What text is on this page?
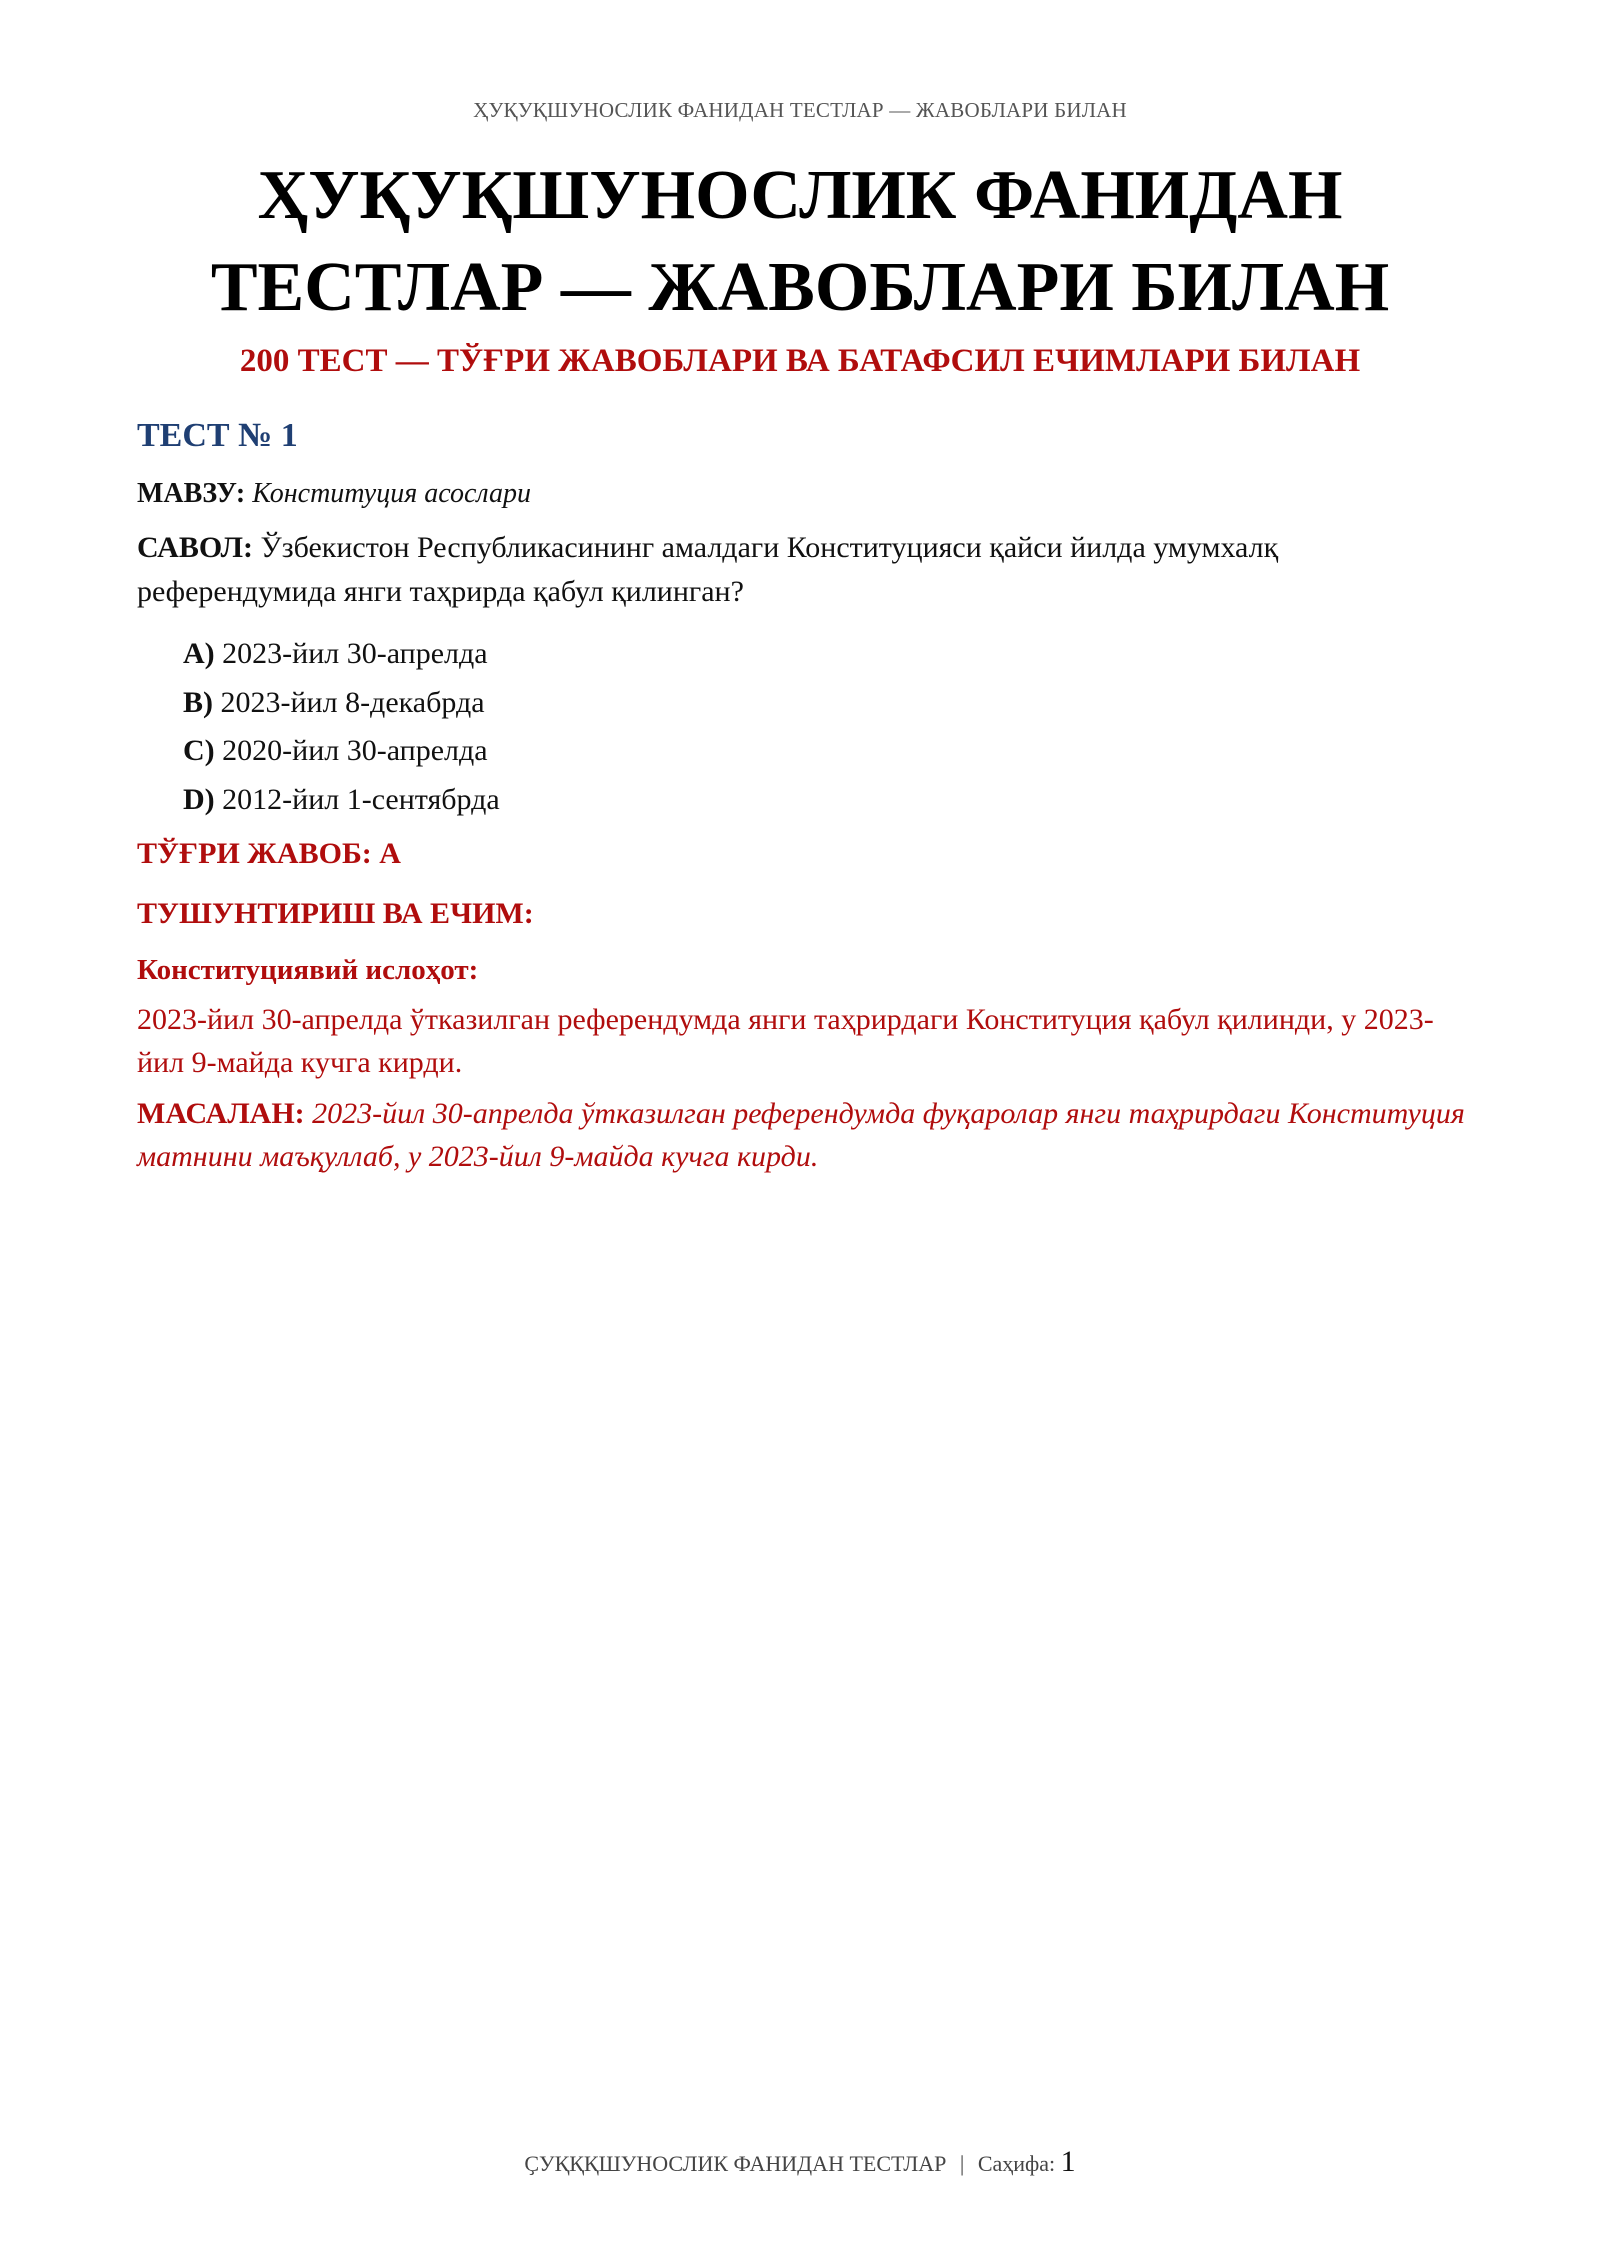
ҲУҚУҚШУНОСЛИК ФАНИДАН ТЕСТЛАР — ЖАВОБЛАРИ БИЛАН
ҲУҚУҚШУНОСЛИК ФАНИДАН
ТЕСТЛАР — ЖАВОБЛАРИ БИЛАН
200 ТЕСТ — ТЎҒРИ ЖАВОБЛАРИ ВА БАТАФСИЛ ЕЧИМЛАРИ БИЛАН
ТЕСТ № 1
МАВЗУ: Конституция асослари
САВОЛ: Ўзбекистон Республикасининг амалдаги Конституцияси қайси йилда умумхалқ референдумида янги таҳрирда қабул қилинган?
A) 2023-йил 30-апрелда
B) 2023-йил 8-декабрда
C) 2020-йил 30-апрелда
D) 2012-йил 1-сентябрда
ТЎҒРИ ЖАВОБ: A
ТУШУНТИРИШ ВА ЕЧИМ:
Конституциявий ислоҳот:
2023-йил 30-апрелда ўтказилган референдумда янги таҳрирдаги Конституция қабул қилинди, у 2023-йил 9-майда кучга кирди.
МАСАЛАН: 2023-йил 30-апрелда ўтказилган референдумда фуқаролар янги таҳрирдаги Конституция матнини маъқуллаб, у 2023-йил 9-майда кучга кирди.
ҪУҚҚҚШУНОСЛИК ФАНИДАН ТЕСТЛАР | Саҳифа: 1
